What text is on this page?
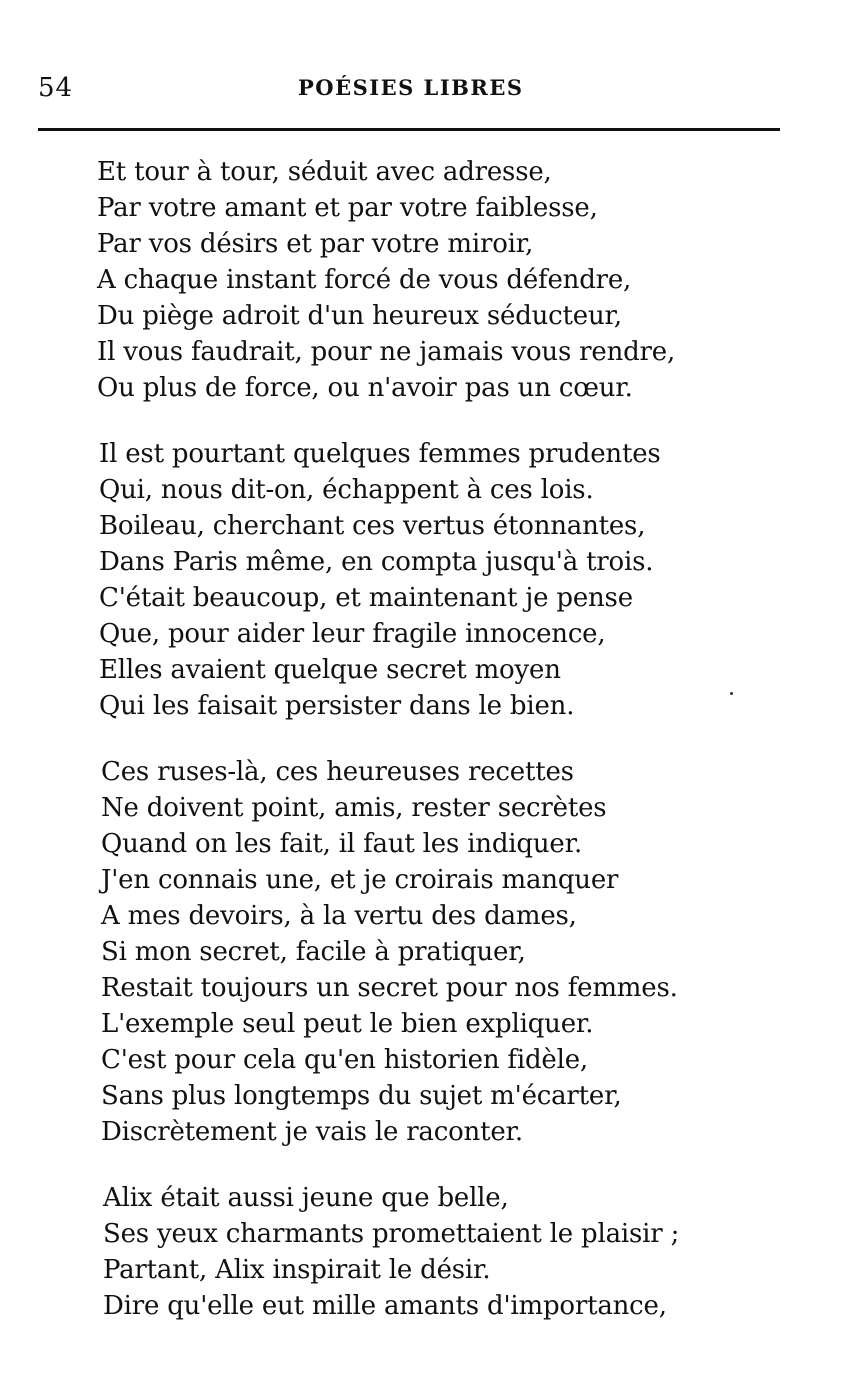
54	POÉSIES LIBRES
Et tour à tour, séduit avec adresse,
Par votre amant et par votre faiblesse,
Par vos désirs et par votre miroir,
A chaque instant forcé de vous défendre,
Du piège adroit d'un heureux séducteur,
Il vous faudrait, pour ne jamais vous rendre,
Ou plus de force, ou n'avoir pas un cœur.
Il est pourtant quelques femmes prudentes
Qui, nous dit-on, échappent à ces lois.
Boileau, cherchant ces vertus étonnantes,
Dans Paris même, en compta jusqu'à trois.
C'était beaucoup, et maintenant je pense
Que, pour aider leur fragile innocence,
Elles avaient quelque secret moyen
Qui les faisait persister dans le bien.
Ces ruses-là, ces heureuses recettes
Ne doivent point, amis, rester secrètes
Quand on les fait, il faut les indiquer.
J'en connais une, et je croirais manquer
A mes devoirs, à la vertu des dames,
Si mon secret, facile à pratiquer,
Restait toujours un secret pour nos femmes.
L'exemple seul peut le bien expliquer.
C'est pour cela qu'en historien fidèle,
Sans plus longtemps du sujet m'écarter,
Discrètement je vais le raconter.
Alix était aussi jeune que belle,
Ses yeux charmants promettaient le plaisir ;
Partant, Alix inspirait le désir.
Dire qu'elle eut mille amants d'importance,
